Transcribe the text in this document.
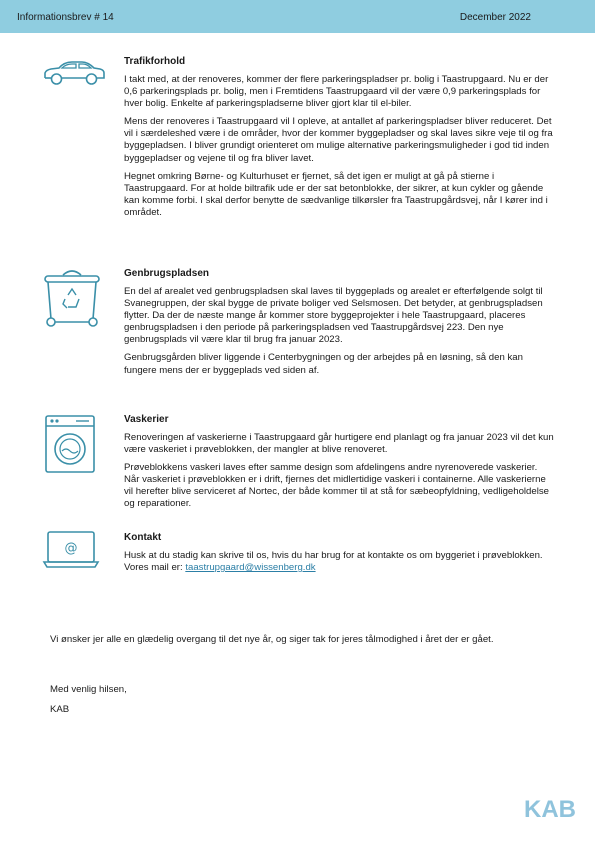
Informationsbrev # 14	December 2022
Trafikforhold

I takt med, at der renoveres, kommer der flere parkeringspladser pr. bolig i Taastrupgaard. Nu er der 0,6 parkeringsplads pr. bolig, men i Fremtidens Taastrupgaard vil der være 0,9 parkeringsplads for hver bolig. Enkelte af parkeringspladserne bliver gjort klar til el-biler.

Mens der renoveres i Taastrupgaard vil I opleve, at antallet af parkeringspladser bliver reduceret. Det vil i særdeleshed være i de områder, hvor der kommer byggepladser og skal laves sikre veje til og fra byggepladsen. I bliver grundigt orienteret om mulige alternative parkeringsmuligheder i god tid inden byggepladser og vejene til og fra bliver lavet.

Hegnet omkring Børne- og Kulturhuset er fjernet, så det igen er muligt at gå på stierne i Taastrupgaard. For at holde biltrafik ude er der sat betonblokke, der sikrer, at kun cykler og gående kan komme forbi. I skal derfor benytte de sædvanlige tilkørsler fra Taastrupgårdsvej, når I kører ind i området.

Genbrugspladsen

En del af arealet ved genbrugspladsen skal laves til byggeplads og arealet er efterfølgende solgt til Svanegruppen, der skal bygge de private boliger ved Selsmosen. Det betyder, at genbrugspladsen flytter. Da der de næste mange år kommer store byggeprojekter i hele Taastrupgaard, placeres genbrugspladsen i den periode på parkeringspladsen ved Taastrupgårdsvej 223. Den nye genbrugsplads vil være klar til brug fra januar 2023.

Genbrugsgården bliver liggende i Centerbygningen og der arbejdes på en løsning, så den kan fungere mens der er byggeplads ved siden af.

Vaskerier

Renoveringen af vaskerierne i Taastrupgaard går hurtigere end planlagt og fra januar 2023 vil det kun være vaskeriet i prøveblokken, der mangler at blive renoveret.

Prøveblokkens vaskeri laves efter samme design som afdelingens andre nyrenoverede vaskerier. Når vaskeriet i prøveblokken er i drift, fjernes det midlertidige vaskeri i containerne. Alle vaskerierne vil herefter blive serviceret af Nortec, der både kommer til at stå for sæbeopfyldning, vedligeholdelse og reparationer.

@
Kontakt

Husk at du stadig kan skrive til os, hvis du har brug for at kontakte os om byggeriet i prøveblokken. Vores mail er: taastrupgaard@wissenberg.dk

Vi ønsker jer alle en glædelig overgang til det nye år, og siger tak for jeres tålmodighed i året der er gået.

Med venlig hilsen,

KAB

KAB
